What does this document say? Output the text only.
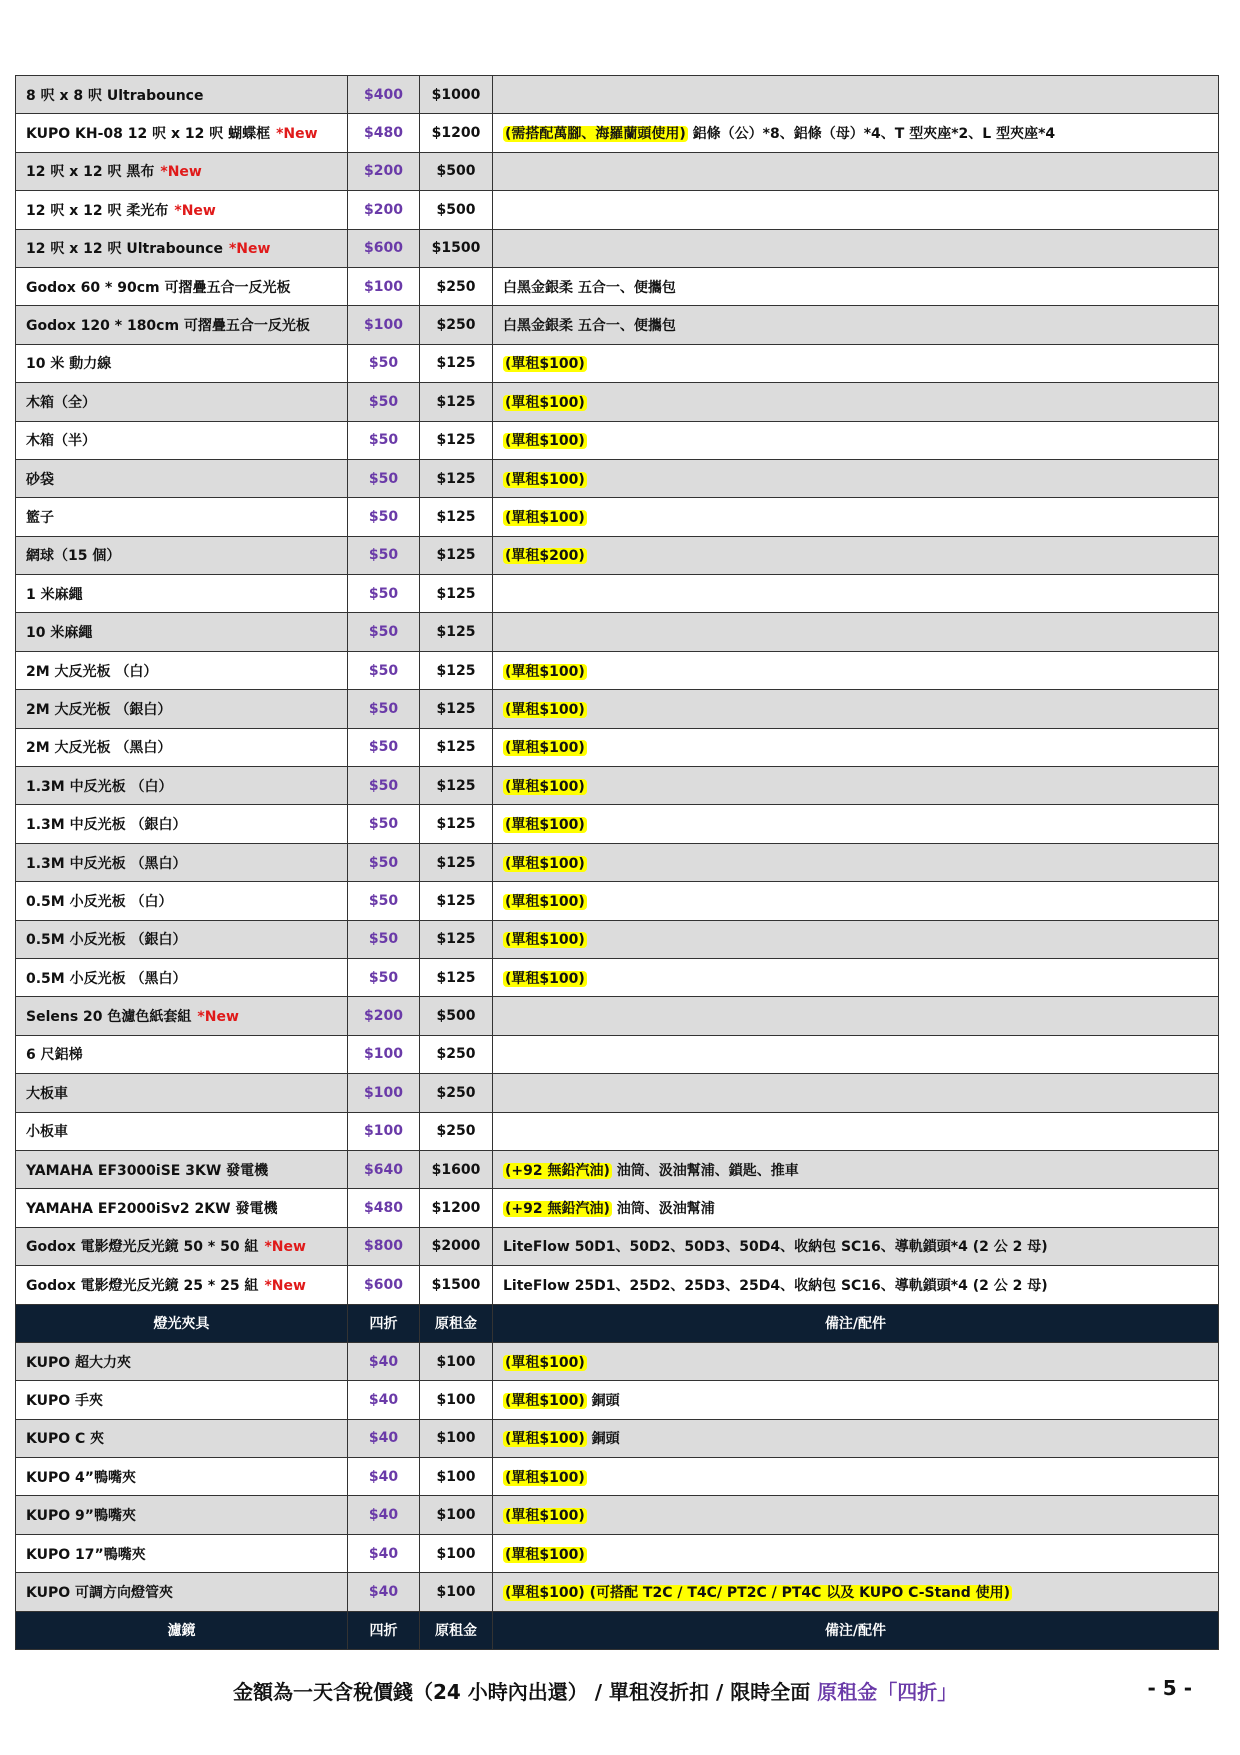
8 呎 x 8 呎 Ultrabounce	$400	$1000	
KUPO KH-08 12 呎 x 12 呎 蝴蝶框 *New	$480	$1200	(需搭配萬腳、海羅蘭頭使用) 鋁條（公）*8、鋁條（母）*4、T 型夾座*2、L 型夾座*4
12 呎 x 12 呎 黑布 *New	$200	$500	
12 呎 x 12 呎 柔光布 *New	$200	$500	
12 呎 x 12 呎 Ultrabounce *New	$600	$1500	
Godox 60 * 90cm 可摺疊五合一反光板	$100	$250	白黑金銀柔 五合一、便攜包
Godox 120 * 180cm 可摺疊五合一反光板	$100	$250	白黑金銀柔 五合一、便攜包
10 米 動力線	$50	$125	(單租$100)
木箱（全）	$50	$125	(單租$100)
木箱（半）	$50	$125	(單租$100)
砂袋	$50	$125	(單租$100)
籃子	$50	$125	(單租$100)
網球（15 個）	$50	$125	(單租$200)
1 米麻繩	$50	$125	
10 米麻繩	$50	$125	
2M 大反光板 （白）	$50	$125	(單租$100)
2M 大反光板 （銀白）	$50	$125	(單租$100)
2M 大反光板 （黑白）	$50	$125	(單租$100)
1.3M 中反光板 （白）	$50	$125	(單租$100)
1.3M 中反光板 （銀白）	$50	$125	(單租$100)
1.3M 中反光板 （黑白）	$50	$125	(單租$100)
0.5M 小反光板 （白）	$50	$125	(單租$100)
0.5M 小反光板 （銀白）	$50	$125	(單租$100)
0.5M 小反光板 （黑白）	$50	$125	(單租$100)
Selens 20 色濾色紙套組 *New	$200	$500	
6 尺鋁梯	$100	$250	
大板車	$100	$250	
小板車	$100	$250	
YAMAHA EF3000iSE 3KW 發電機	$640	$1600	(+92 無鉛汽油) 油筒、汲油幫浦、鎖匙、推車
YAMAHA EF2000iSv2 2KW 發電機	$480	$1200	(+92 無鉛汽油) 油筒、汲油幫浦
Godox 電影燈光反光鏡 50 * 50 組 *New	$800	$2000	LiteFlow 50D1、50D2、50D3、50D4、收納包 SC16、導軌鎖頭*4 (2 公 2 母)
Godox 電影燈光反光鏡 25 * 25 組 *New	$600	$1500	LiteFlow 25D1、25D2、25D3、25D4、收納包 SC16、導軌鎖頭*4 (2 公 2 母)
燈光夾具	四折	原租金	備注/配件
KUPO 超大力夾	$40	$100	(單租$100)
KUPO 手夾	$40	$100	(單租$100) 銅頭
KUPO C 夾	$40	$100	(單租$100) 銅頭
KUPO 4”鴨嘴夾	$40	$100	(單租$100)
KUPO 9”鴨嘴夾	$40	$100	(單租$100)
KUPO 17”鴨嘴夾	$40	$100	(單租$100)
KUPO 可調方向燈管夾	$40	$100	(單租$100) (可搭配 T2C / T4C/ PT2C / PT4C 以及 KUPO C-Stand 使用)
濾鏡	四折	原租金	備注/配件
金額為一天含稅價錢（24 小時內出還） / 單租沒折扣 / 限時全面 原租金「四折」	- 5 -
